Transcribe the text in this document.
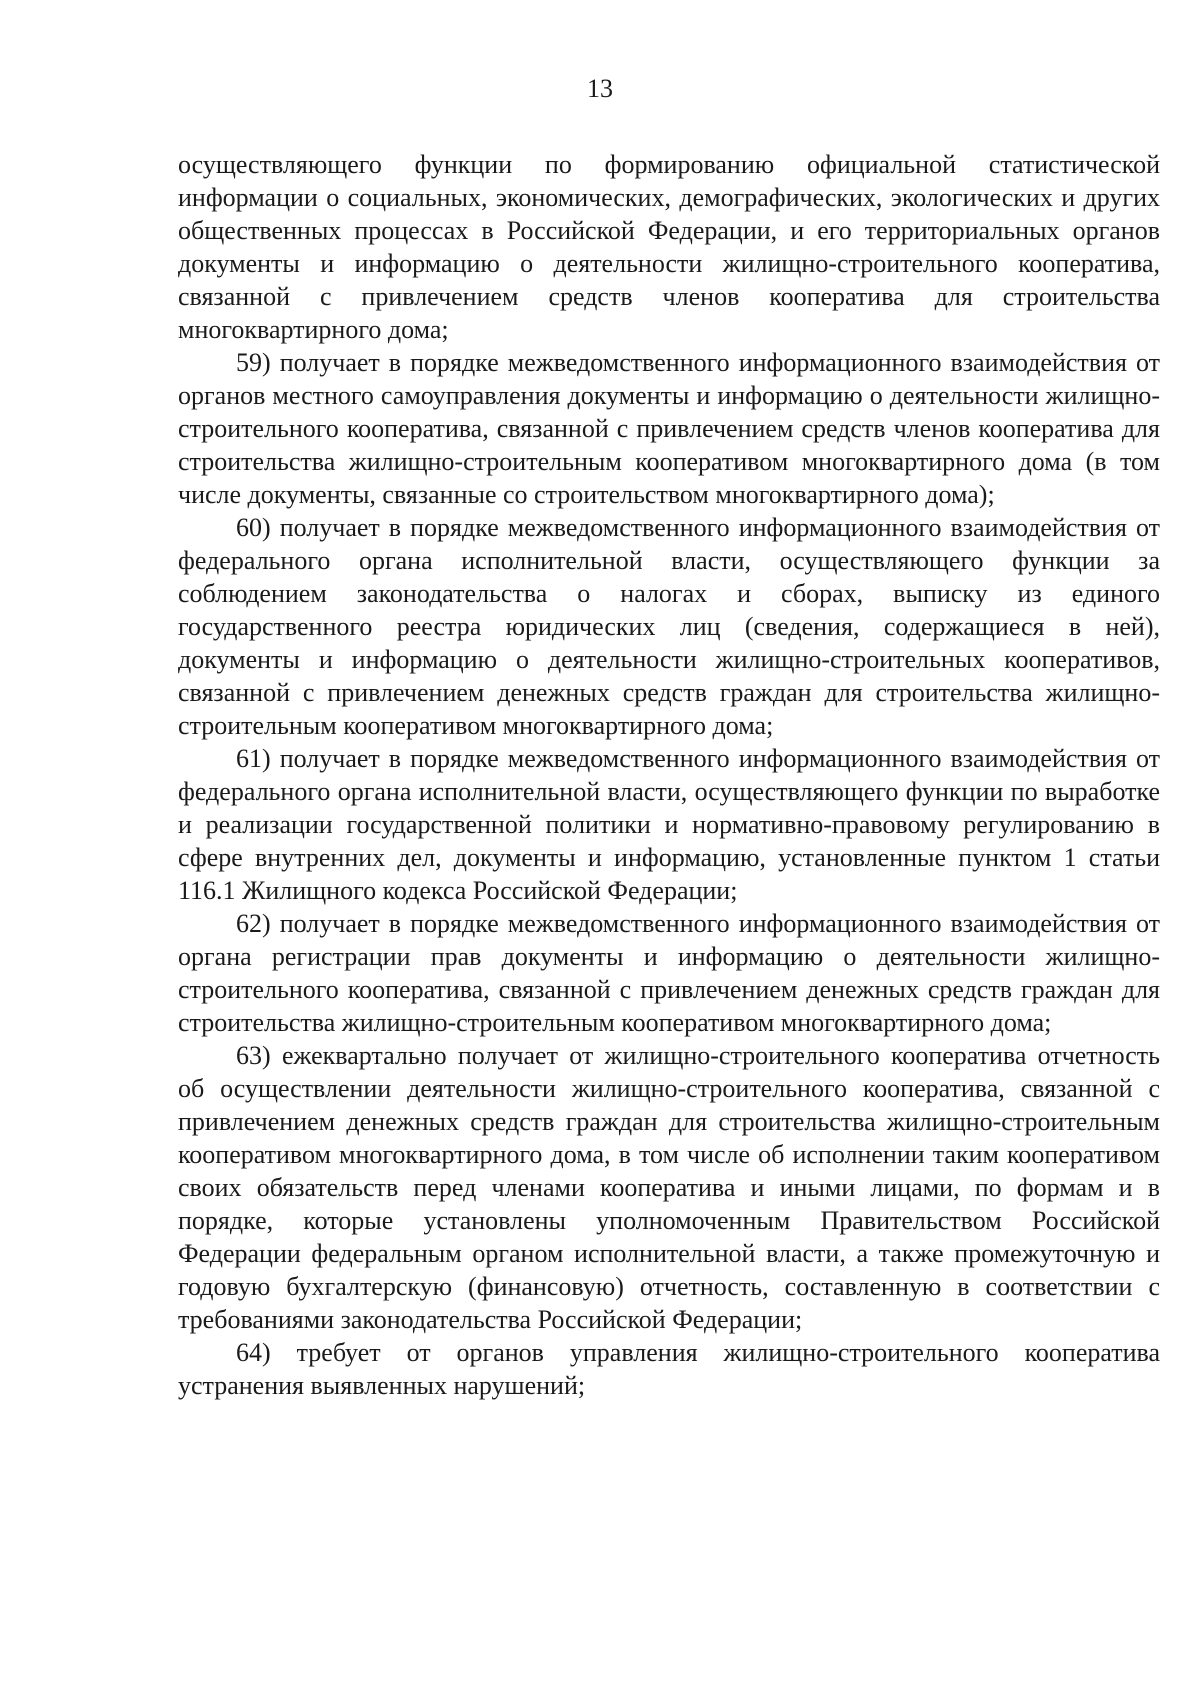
13

осуществляющего функции по формированию официальной статистической информации о социальных, экономических, демографических, экологических и других общественных процессах в Российской Федерации, и его территориальных органов документы и информацию о деятельности жилищно-строительного кооператива, связанной с привлечением средств членов кооператива для строительства многоквартирного дома;

59) получает в порядке межведомственного информационного взаимодействия от органов местного самоуправления документы и информацию о деятельности жилищно-строительного кооператива, связанной с привлечением средств членов кооператива для строительства жилищно-строительным кооперативом многоквартирного дома (в том числе документы, связанные со строительством многоквартирного дома);

60) получает в порядке межведомственного информационного взаимодействия от федерального органа исполнительной власти, осуществляющего функции за соблюдением законодательства о налогах и сборах, выписку из единого государственного реестра юридических лиц (сведения, содержащиеся в ней), документы и информацию о деятельности жилищно-строительных кооперативов, связанной с привлечением денежных средств граждан для строительства жилищно-строительным кооперативом многоквартирного дома;

61) получает в порядке межведомственного информационного взаимодействия от федерального органа исполнительной власти, осуществляющего функции по выработке и реализации государственной политики и нормативно-правовому регулированию в сфере внутренних дел, документы и информацию, установленные пунктом 1 статьи 116.1 Жилищного кодекса Российской Федерации;

62) получает в порядке межведомственного информационного взаимодействия от органа регистрации прав документы и информацию о деятельности жилищно-строительного кооператива, связанной с привлечением денежных средств граждан для строительства жилищно-строительным кооперативом многоквартирного дома;

63) ежеквартально получает от жилищно-строительного кооператива отчетность об осуществлении деятельности жилищно-строительного кооператива, связанной с привлечением денежных средств граждан для строительства жилищно-строительным кооперативом многоквартирного дома, в том числе об исполнении таким кооперативом своих обязательств перед членами кооператива и иными лицами, по формам и в порядке, которые установлены уполномоченным Правительством Российской Федерации федеральным органом исполнительной власти, а также промежуточную и годовую бухгалтерскую (финансовую) отчетность, составленную в соответствии с требованиями законодательства Российской Федерации;

64) требует от органов управления жилищно-строительного кооператива устранения выявленных нарушений;
